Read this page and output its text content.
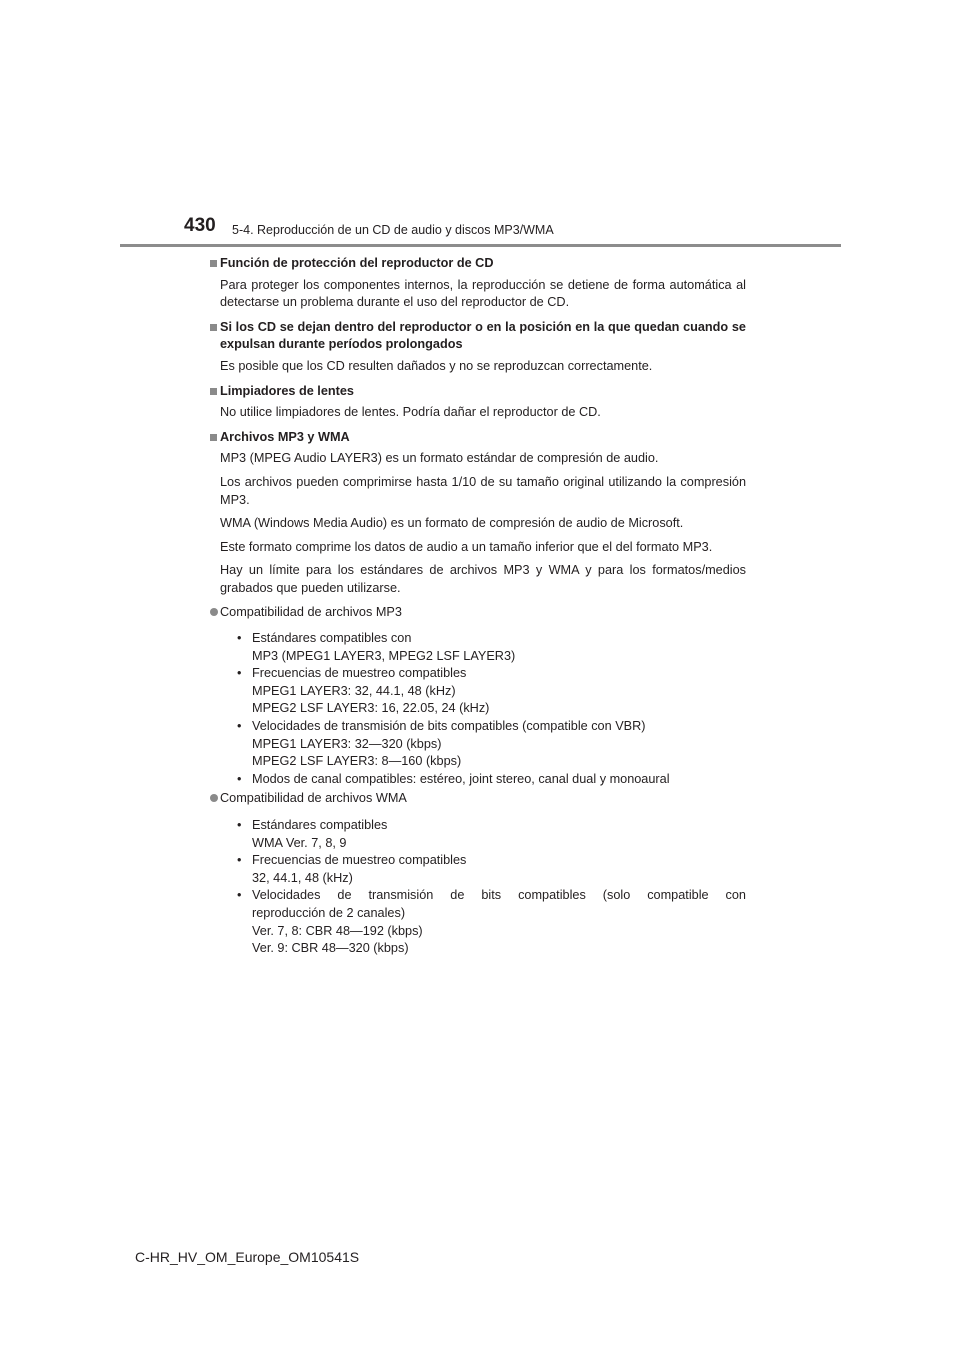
430 5-4. Reproducción de un CD de audio y discos MP3/WMA
Función de protección del reproductor de CD
Para proteger los componentes internos, la reproducción se detiene de forma automática al detectarse un problema durante el uso del reproductor de CD.
Si los CD se dejan dentro del reproductor o en la posición en la que quedan cuando se expulsan durante períodos prolongados
Es posible que los CD resulten dañados y no se reproduzcan correctamente.
Limpiadores de lentes
No utilice limpiadores de lentes. Podría dañar el reproductor de CD.
Archivos MP3 y WMA
MP3 (MPEG Audio LAYER3) es un formato estándar de compresión de audio.
Los archivos pueden comprimirse hasta 1/10 de su tamaño original utilizando la compresión MP3.
WMA (Windows Media Audio) es un formato de compresión de audio de Microsoft.
Este formato comprime los datos de audio a un tamaño inferior que el del formato MP3.
Hay un límite para los estándares de archivos MP3 y WMA y para los formatos/medios grabados que pueden utilizarse.
Compatibilidad de archivos MP3
• Estándares compatibles con
MP3 (MPEG1 LAYER3, MPEG2 LSF LAYER3)
• Frecuencias de muestreo compatibles
MPEG1 LAYER3: 32, 44.1, 48 (kHz)
MPEG2 LSF LAYER3: 16, 22.05, 24 (kHz)
• Velocidades de transmisión de bits compatibles (compatible con VBR)
MPEG1 LAYER3: 32—320 (kbps)
MPEG2 LSF LAYER3: 8—160 (kbps)
• Modos de canal compatibles: estéreo, joint stereo, canal dual y monoaural
Compatibilidad de archivos WMA
• Estándares compatibles
WMA Ver. 7, 8, 9
• Frecuencias de muestreo compatibles
32, 44.1, 48 (kHz)
• Velocidades de transmisión de bits compatibles (solo compatible con
reproducción de 2 canales)
Ver. 7, 8: CBR 48—192 (kbps)
Ver. 9: CBR 48—320 (kbps)
C-HR_HV_OM_Europe_OM10541S
